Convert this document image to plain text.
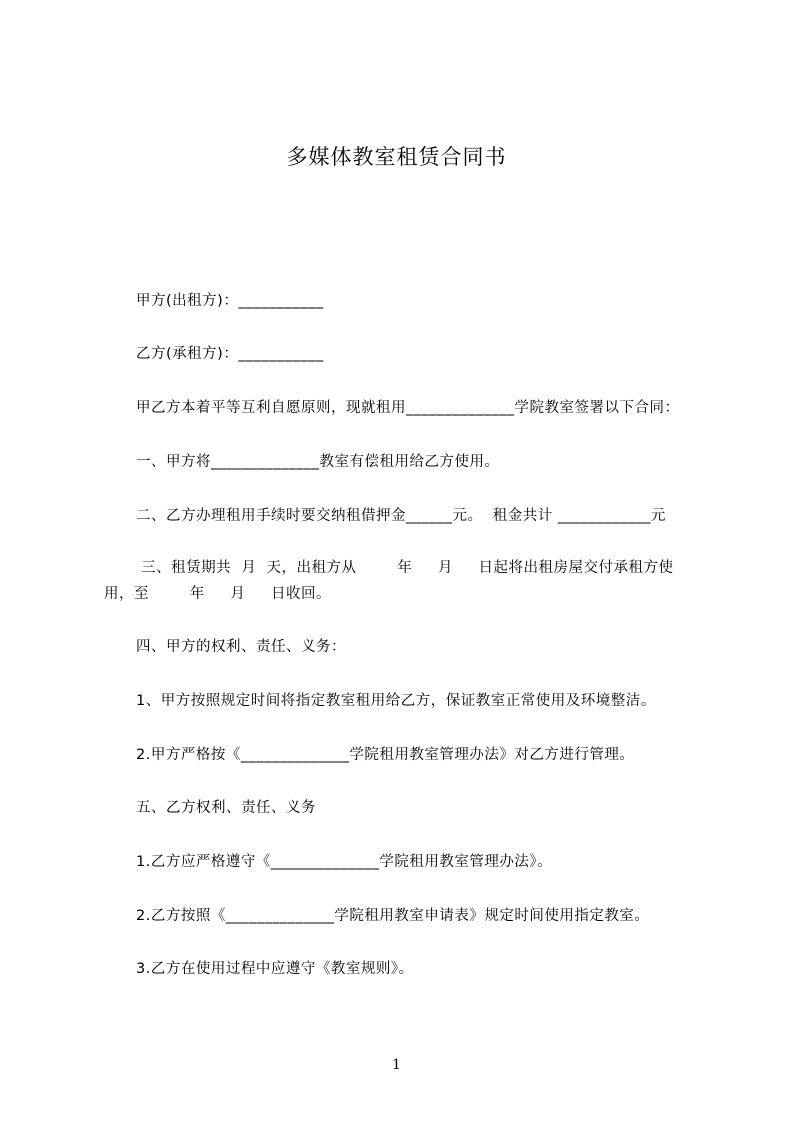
多媒体教室租赁合同书
甲方(出租方)：___________
乙方(承租方)：___________
甲乙方本着平等互利自愿原则，现就租用______________学院教室签署以下合同：
一、甲方将______________教室有偿租用给乙方使用。
二、乙方办理租用手续时要交纳租借押金______元。  租金共计 ____________元
三、租赁期共  月  天，出租方从        年     月     日起将出租房屋交付承租方使
用，至        年     月     日收回。
四、甲方的权利、责任、义务：
1、甲方按照规定时间将指定教室租用给乙方，保证教室正常使用及环境整洁。
2.甲方严格按《______________学院租用教室管理办法》对乙方进行管理。
五、乙方权利、责任、义务
1.乙方应严格遵守《______________学院租用教室管理办法》。
2.乙方按照《______________学院租用教室申请表》规定时间使用指定教室。
3.乙方在使用过程中应遵守《教室规则》。
1
